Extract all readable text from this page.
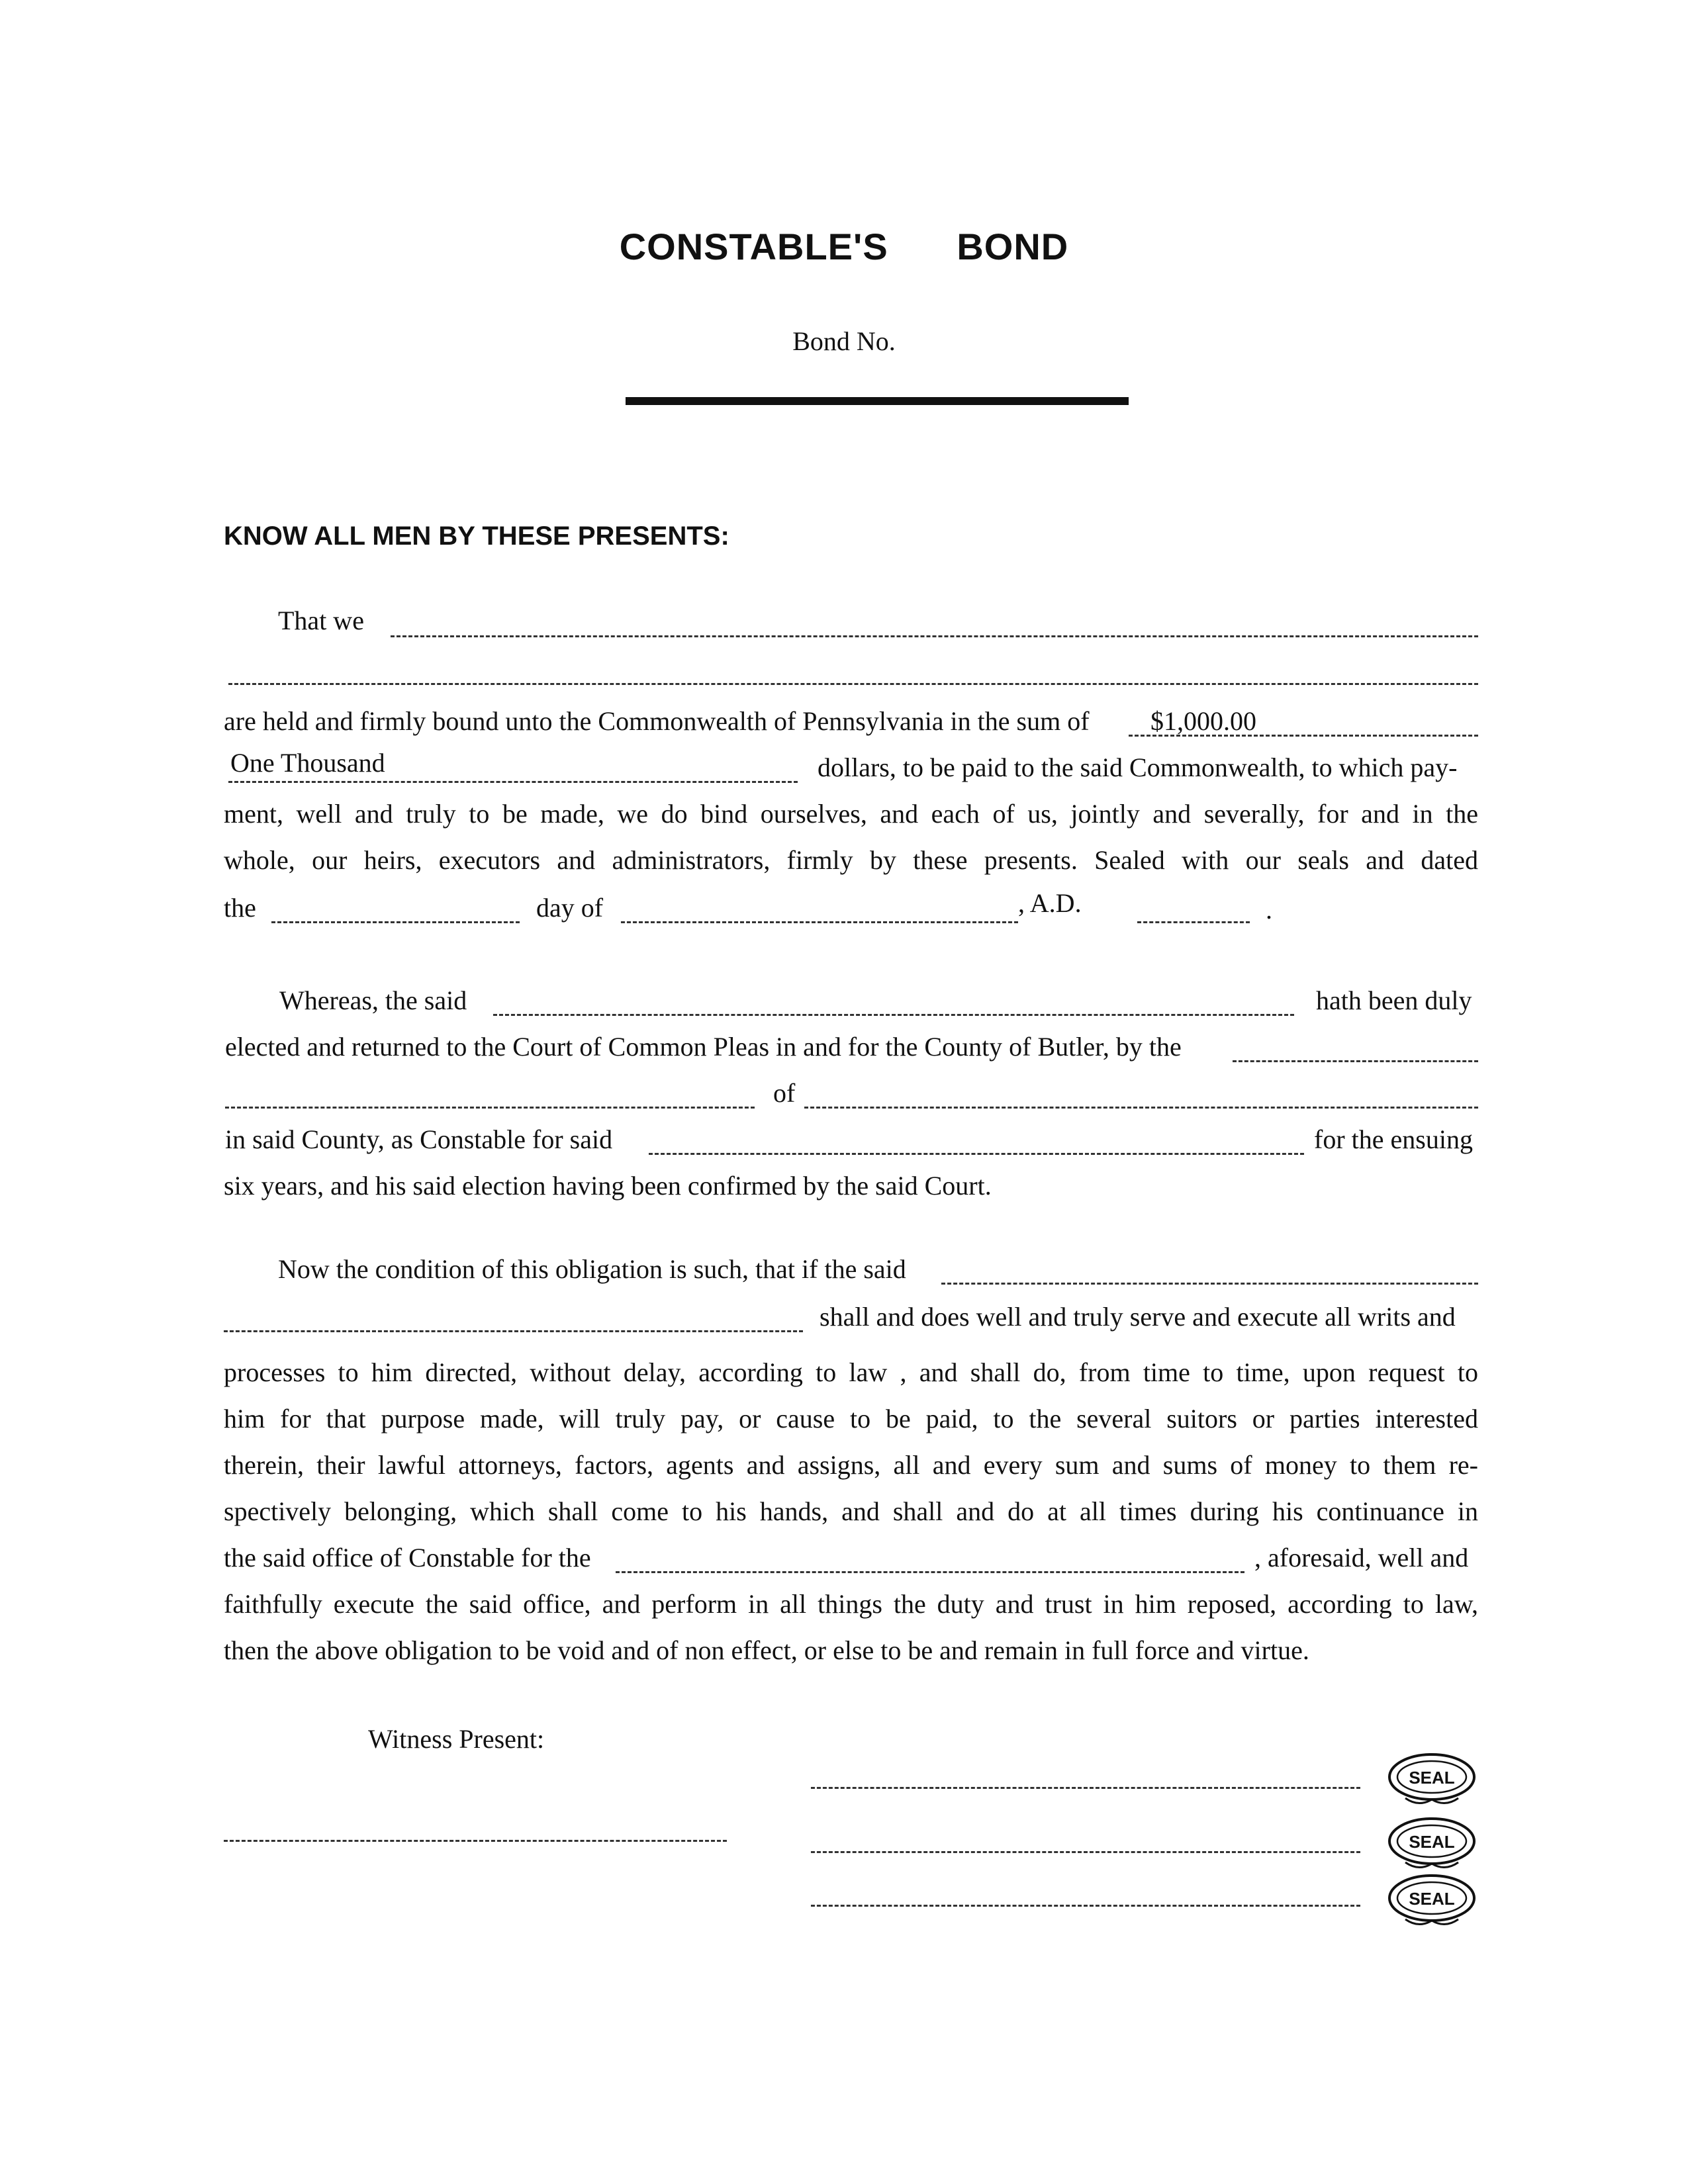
CONSTABLE'S   BOND
Bond No.
KNOW ALL MEN BY THESE PRESENTS:
That we
are held and firmly bound unto the Commonwealth of Pennsylvania in the sum of $1,000.00
One Thousand	dollars, to be paid to the said Commonwealth, to which pay-
ment, well and truly to be made, we do bind ourselves, and each of us, jointly and severally, for and in the
whole, our heirs, executors and administrators, firmly by these presents. Sealed with our seals and dated
the	day of	, A.D.	.
Whereas, the said	hath been duly
elected and returned to the Court of Common Pleas in and for the County of Butler, by the
of
in said County, as Constable for said	for the ensuing
six years, and his said election having been confirmed by the said Court.
Now the condition of this obligation is such, that if the said
shall and does well and truly serve and execute all writs and
processes to him directed, without delay, according to law , and shall do, from time to time, upon request to
him for that purpose made, will truly pay, or cause to be paid, to the several suitors or parties interested
therein, their lawful attorneys, factors, agents and assigns, all and every sum and sums of money to them re-
spectively belonging, which shall come to his hands, and shall and do at all times during his continuance in
the said office of Constable for the	, aforesaid, well and
faithfully execute the said office, and perform in all things the duty and trust in him reposed, according to law,
then the above obligation to be void and of non effect, or else to be and remain in full force and virtue.
Witness Present:
SEAL
SEAL
SEAL
